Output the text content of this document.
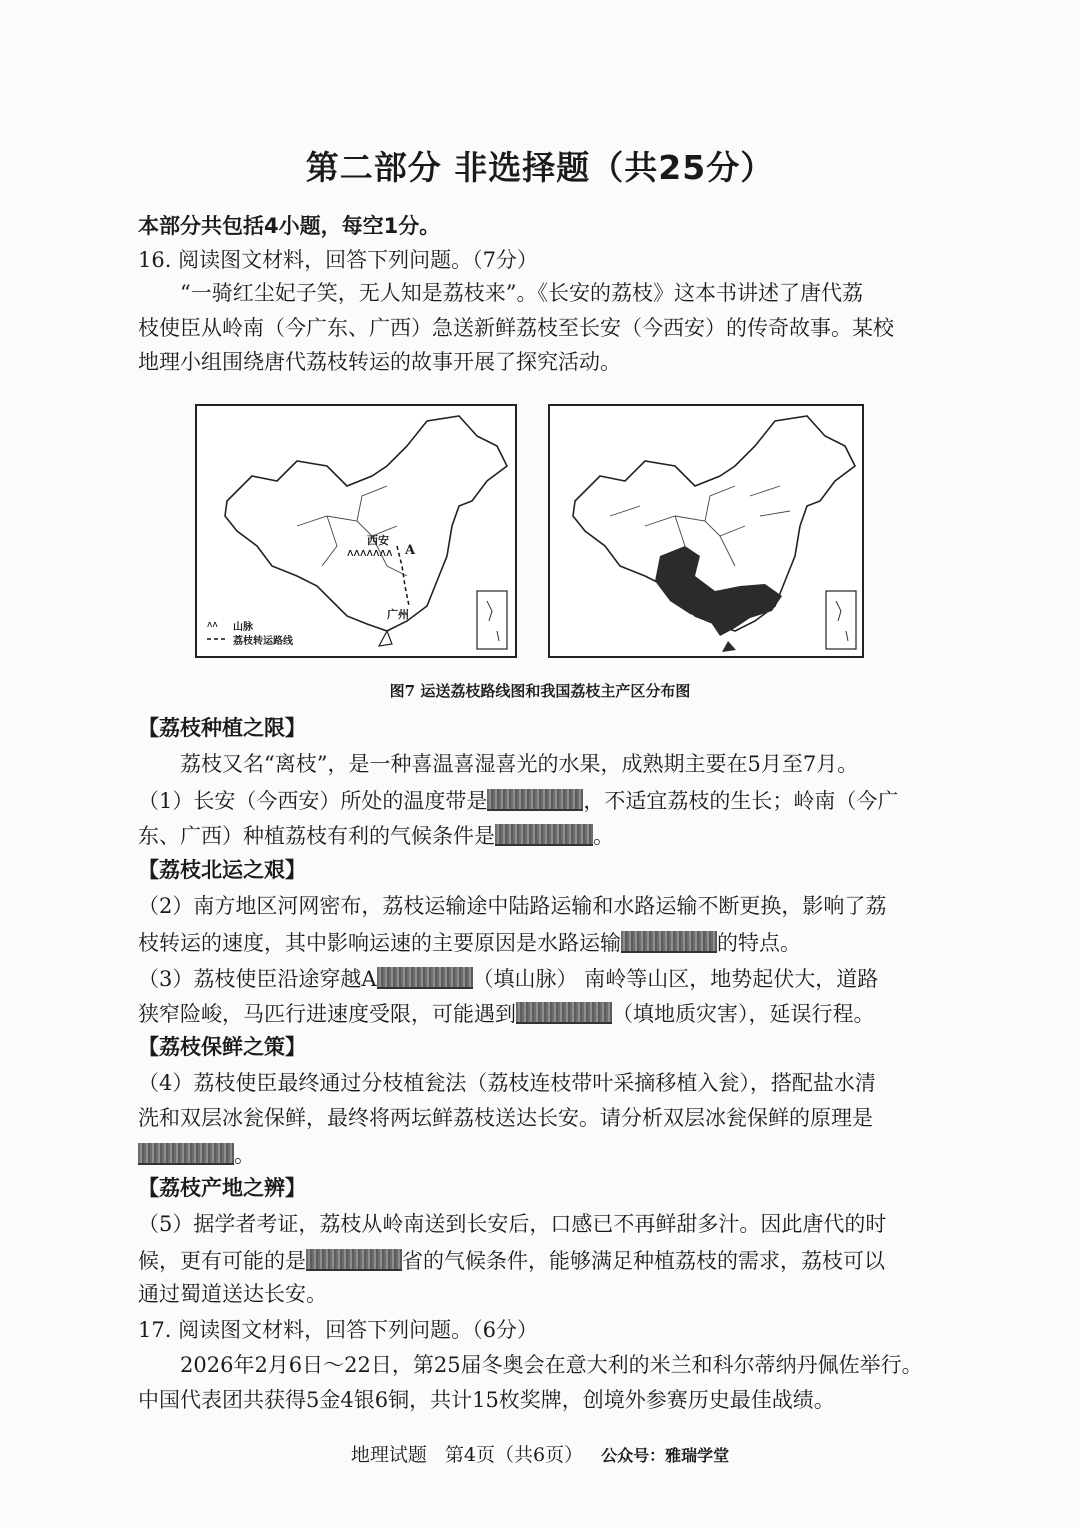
第二部分 非选择题（共25分）
本部分共包括4小题，每空1分。
16. 阅读图文材料，回答下列问题。（7分）
“一骑红尘妃子笑，无人知是荔枝来”。《长安的荔枝》这本书讲述了唐代荔
枝使臣从岭南（今广东、广西）急送新鲜荔枝至长安（今西安）的传奇故事。某校
地理小组围绕唐代荔枝转运的故事开展了探究活动。
ᴧᴧᴧᴧᴧᴧᴧ
ᴧᴧ
西安
A
广州
山脉
荔枝转运路线
图7 运送荔枝路线图和我国荔枝主产区分布图
【荔枝种植之限】
荔枝又名“离枝”，是一种喜温喜湿喜光的水果，成熟期主要在5月至7月。
（1）长安（今西安）所处的温度带是	，不适宜荔枝的生长；岭南（今广
东、广西）种植荔枝有利的气候条件是	。
【荔枝北运之艰】
（2）南方地区河网密布，荔枝运输途中陆路运输和水路运输不断更换，影响了荔
枝转运的速度，其中影响运速的主要原因是水路运输	的特点。
（3）荔枝使臣沿途穿越A	（填山脉） 南岭等山区，地势起伏大，道路
狭窄险峻，马匹行进速度受限，可能遇到	（填地质灾害），延误行程。
【荔枝保鲜之策】
（4）荔枝使臣最终通过分枝植瓮法（荔枝连枝带叶采摘移植入瓮），搭配盐水清
洗和双层冰瓮保鲜，最终将两坛鲜荔枝送达长安。请分析双层冰瓮保鲜的原理是
。
【荔枝产地之辨】
（5）据学者考证，荔枝从岭南送到长安后，口感已不再鲜甜多汁。因此唐代的时
候，更有可能的是	省的气候条件，能够满足种植荔枝的需求，荔枝可以
通过蜀道送达长安。
17. 阅读图文材料，回答下列问题。（6分）
2026年2月6日～22日，第25届冬奥会在意大利的米兰和科尔蒂纳丹佩佐举行。
中国代表团共获得5金4银6铜，共计15枚奖牌，创境外参赛历史最佳战绩。
地理试题 第4页（共6页） 公众号：雅瑞学堂
